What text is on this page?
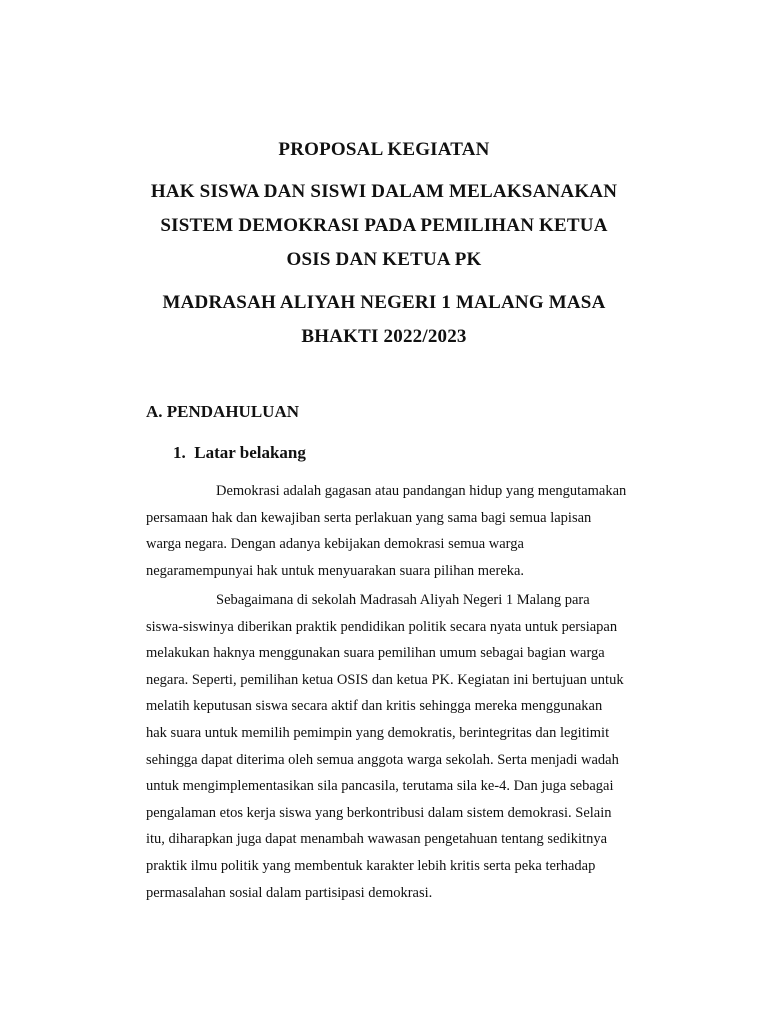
PROPOSAL KEGIATAN
HAK SISWA DAN SISWI DALAM MELAKSANAKAN
SISTEM DEMOKRASI PADA PEMILIHAN KETUA
OSIS DAN KETUA PK
MADRASAH ALIYAH NEGERI 1 MALANG MASA
BHAKTI 2022/2023
A. PENDAHULUAN
1.  Latar belakang
Demokrasi adalah gagasan atau pandangan hidup yang mengutamakan
persamaan hak dan kewajiban serta perlakuan yang sama bagi semua lapisan
warga negara. Dengan adanya kebijakan demokrasi semua warga
negaramempunyai hak untuk menyuarakan suara pilihan mereka.
Sebagaimana di sekolah Madrasah Aliyah Negeri 1 Malang para
siswa-siswinya diberikan praktik pendidikan politik secara nyata untuk persiapan
melakukan haknya menggunakan suara pemilihan umum sebagai bagian warga
negara. Seperti, pemilihan ketua OSIS dan ketua PK. Kegiatan ini bertujuan untuk
melatih keputusan siswa secara aktif dan kritis sehingga mereka menggunakan
hak suara untuk memilih pemimpin yang demokratis, berintegritas dan legitimit
sehingga dapat diterima oleh semua anggota warga sekolah. Serta menjadi wadah
untuk mengimplementasikan sila pancasila, terutama sila ke-4. Dan juga sebagai
pengalaman etos kerja siswa yang berkontribusi dalam sistem demokrasi. Selain
itu, diharapkan juga dapat menambah wawasan pengetahuan tentang sedikitnya
praktik ilmu politik yang membentuk karakter lebih kritis serta peka terhadap
permasalahan sosial dalam partisipasi demokrasi.
